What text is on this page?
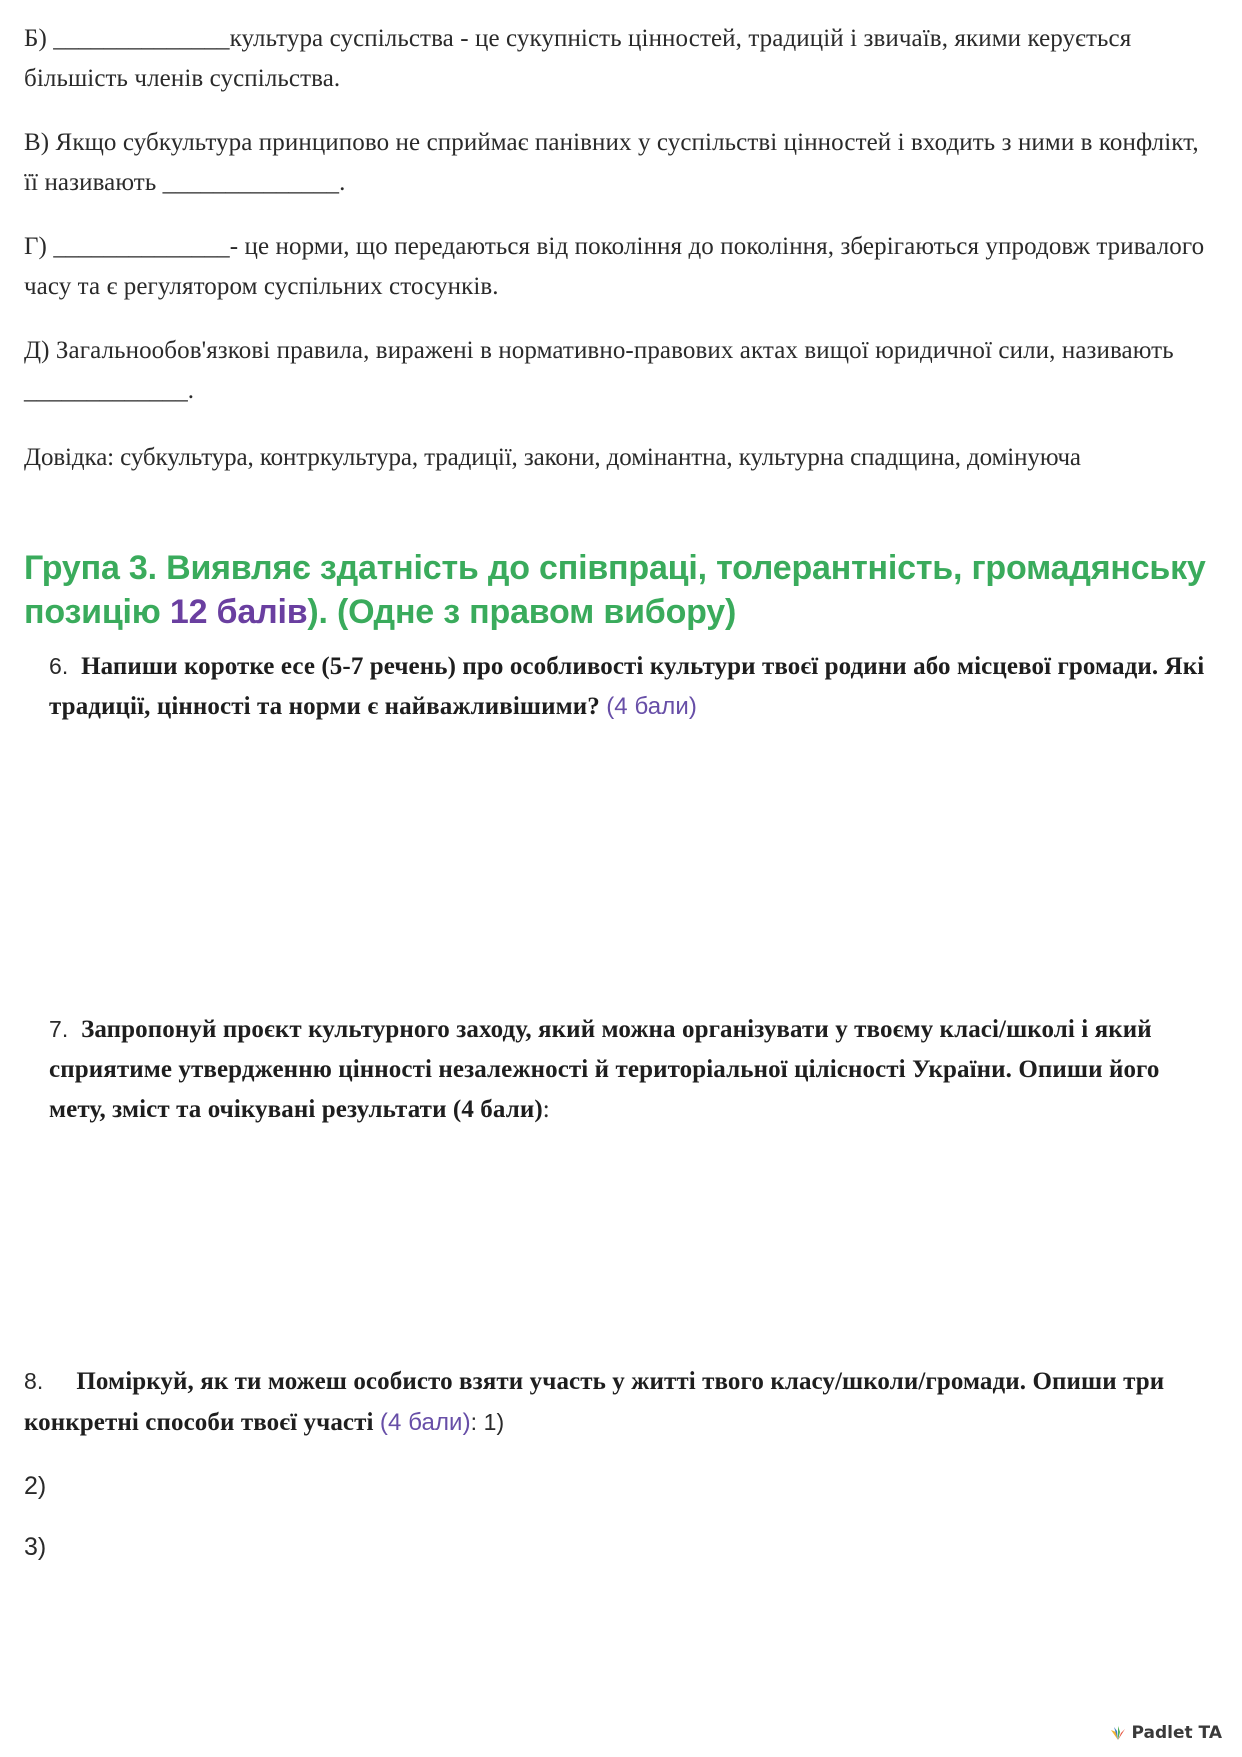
Б) ______________культура суспільства - це сукупність цінностей, традицій і звичаїв, якими керується більшість членів суспільства.
В) Якщо субкультура принципово не сприймає панівних у суспільстві цінностей і входить з ними в конфлікт, її називають ______________.
Г) ______________- це норми, що передаються від покоління до покоління, зберігаються упродовж тривалого часу та є регулятором суспільних стосунків.
Д) Загальнообов'язкові правила, виражені в нормативно-правових актах вищої юридичної сили, називають _____________.
Довідка: субкультура, контркультура, традиції, закони, домінантна, культурна спадщина, домінуюча
Група 3. Виявляє здатність до співпраці, толерантність, громадянську позицію 12 балів). (Одне з правом вибору)
6. Напиши коротке есе (5-7 речень) про особливості культури твоєї родини або місцевої громади. Які традиції, цінності та норми є найважливішими? (4 бали)
7. Запропонуй проєкт культурного заходу, який можна організувати у твоєму класі/школі і який сприятиме утвердженню цінності незалежності й територіальної цілісності України. Опиши його мету, зміст та очікувані результати (4 бали):
8. Поміркуй, як ти можеш особисто взяти участь у житті твого класу/школи/громади. Опиши три конкретні способи твоєї участі (4 бали): 1)
2)
3)
Padlet TA
